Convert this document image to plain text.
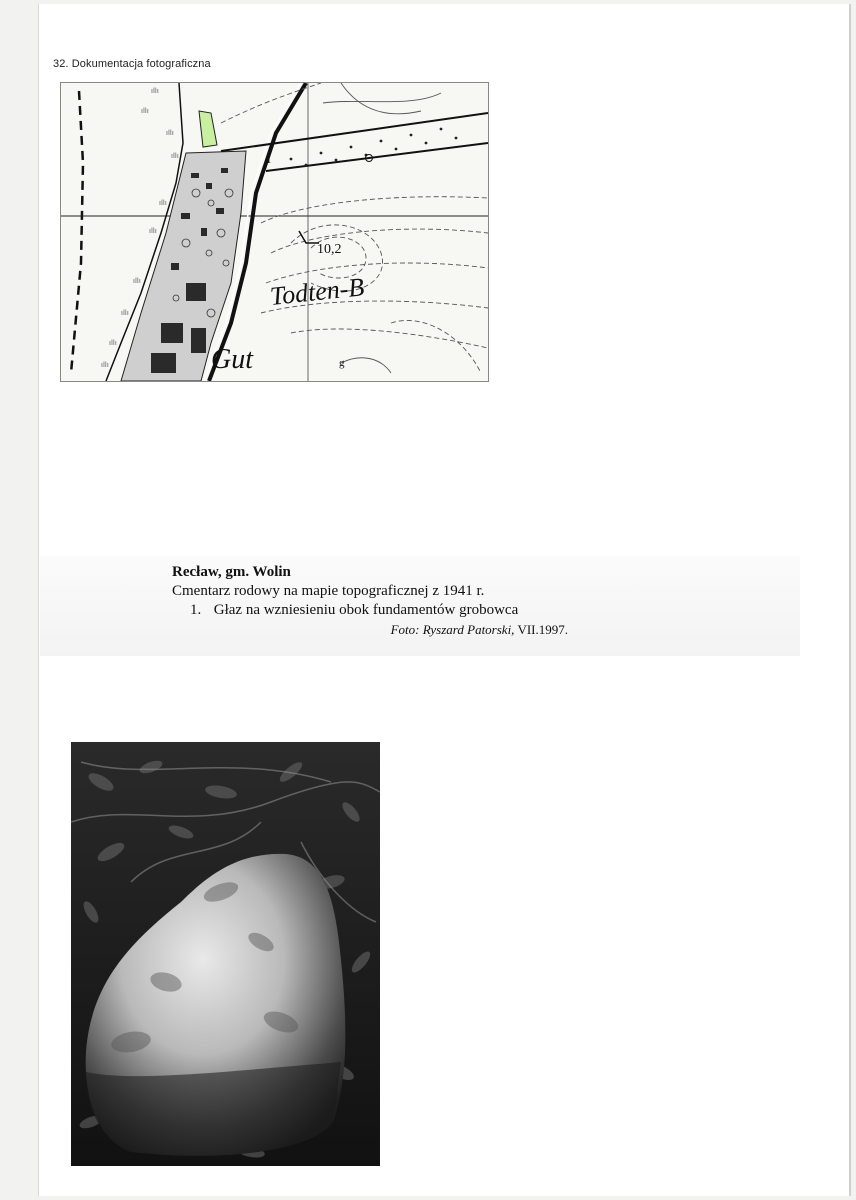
32. Dokumentacja fotograficzna
ıllı
ıllı
ıllı
ıllı
ıllı
ıllı
ıllı
ıllı
ıllı
ıllı
10,2
Todten-B
Gut
1
g
Recław, gm. Wolin
Cmentarz rodowy na mapie topograficznej z 1941 r.
1. Głaz na wzniesieniu obok fundamentów grobowca
Foto: Ryszard Patorski, VII.1997.
